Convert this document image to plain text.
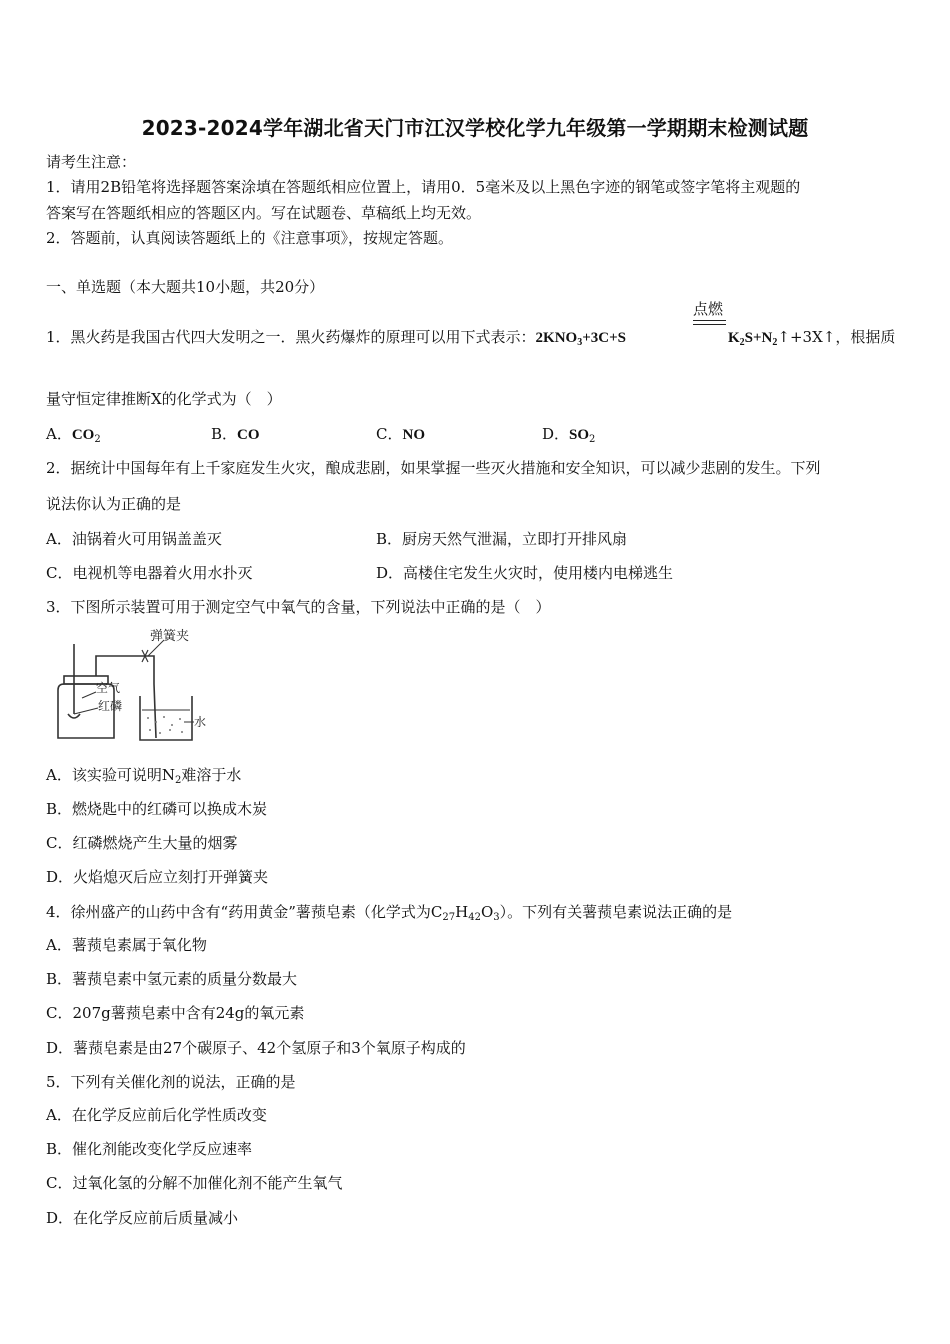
2023-2024学年湖北省天门市江汉学校化学九年级第一学期期末检测试题
请考生注意：
1．请用2B铅笔将选择题答案涂填在答题纸相应位置上，请用0．5毫米及以上黑色字迹的钢笔或签字笔将主观题的
答案写在答题纸相应的答题区内。写在试题卷、草稿纸上均无效。
2．答题前，认真阅读答题纸上的《注意事项》，按规定答题。
一、单选题（本大题共10小题，共20分）
1．黑火药是我国古代四大发明之一．黑火药爆炸的原理可以用下式表示：$2KNO_3+3C+S$
点燃
$K_2S+N_2↑+3X↑$，根据质
量守恒定律推断X的化学式为（　）
A．$CO_2$	B．CO	C．NO	D．$SO_2$
2．据统计中国每年有上千家庭发生火灾，酿成悲剧，如果掌握一些灭火措施和安全知识，可以减少悲剧的发生。下列
说法你认为正确的是
A．油锅着火可用锅盖盖灭	B．厨房天然气泄漏，立即打开排风扇
C．电视机等电器着火用水扑灭	D．高楼住宅发生火灾时，使用楼内电梯逃生
3．下图所示装置可用于测定空气中氧气的含量，下列说法中正确的是（　）
弹簧夹
空气
红磷
水
A．该实验可说明$N_2$难溶于水
B．燃烧匙中的红磷可以换成木炭
C．红磷燃烧产生大量的烟雾
D．火焰熄灭后应立刻打开弹簧夹
4．徐州盛产的山药中含有“药用黄金”薯蓣皂素（化学式为$C_{27}H_{42}O_3$）。下列有关薯蓣皂素说法正确的是
A．薯蓣皂素属于氧化物
B．薯蓣皂素中氢元素的质量分数最大
C．207g薯蓣皂素中含有24g的氧元素
D．薯蓣皂素是由27个碳原子、42个氢原子和3个氧原子构成的
5．下列有关催化剂的说法，正确的是
A．在化学反应前后化学性质改变
B．催化剂能改变化学反应速率
C．过氧化氢的分解不加催化剂不能产生氧气
D．在化学反应前后质量减小
